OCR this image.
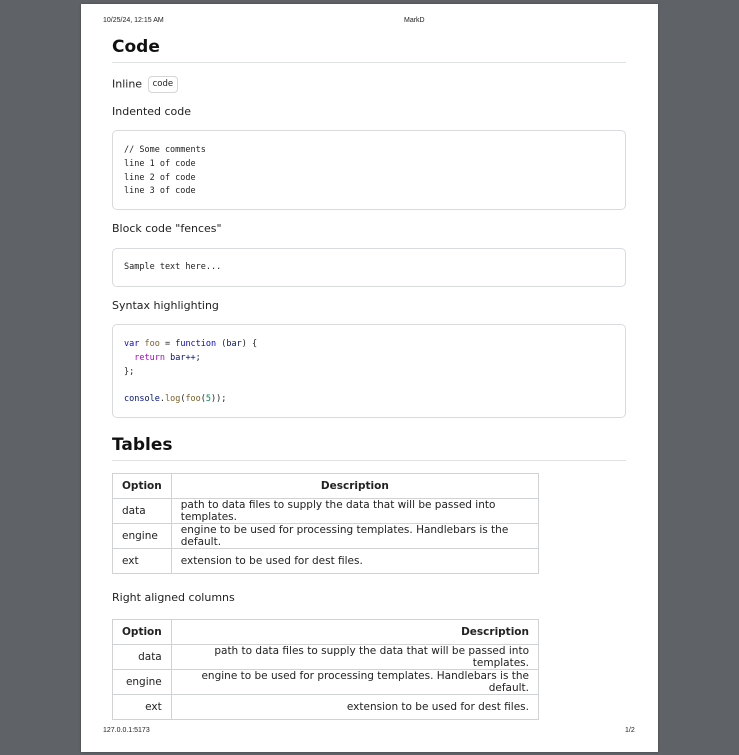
10/25/24, 12:15 AM	MarkD
Code

Inline code

Indented code

// Some comments
line 1 of code
line 2 of code
line 3 of code

Block code "fences"

Sample text here...

Syntax highlighting

var foo = function (bar) {
return bar++;
};

console.log(foo(5));
Tables
Option	Description
data	path to data files to supply the data that will be passed into templates.
engine	engine to be used for processing templates. Handlebars is the default.
ext	extension to be used for dest files.

Right aligned columns

Option	Description
data	path to data files to supply the data that will be passed into templates.
engine	engine to be used for processing templates. Handlebars is the default.
ext	extension to be used for dest files.
127.0.0.1:5173	1/2
